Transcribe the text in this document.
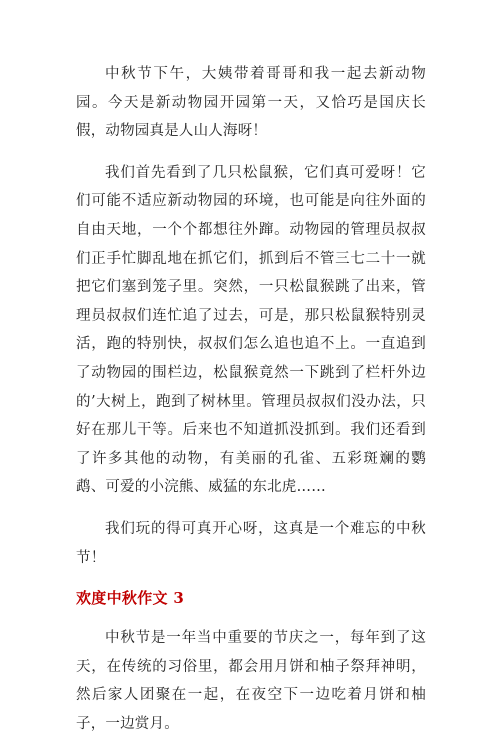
中秋节下午，大姨带着哥哥和我一起去新动物园。今天是新动物园开园第一天，又恰巧是国庆长假，动物园真是人山人海呀！

我们首先看到了几只松鼠猴，它们真可爱呀！它们可能不适应新动物园的环境，也可能是向往外面的自由天地，一个个都想往外蹿。动物园的管理员叔叔们正手忙脚乱地在抓它们，抓到后不管三七二十一就把它们塞到笼子里。突然，一只松鼠猴跳了出来，管理员叔叔们连忙追了过去，可是，那只松鼠猴特别灵活，跑的特别快，叔叔们怎么追也追不上。一直追到了动物园的围栏边，松鼠猴竟然一下跳到了栏杆外边的’大树上，跑到了树林里。管理员叔叔们没办法，只好在那儿干等。后来也不知道抓没抓到。我们还看到了许多其他的动物，有美丽的孔雀、五彩斑斓的鹦鹉、可爱的小浣熊、威猛的东北虎……

我们玩的得可真开心呀，这真是一个难忘的中秋节！

欢度中秋作文 3

中秋节是一年当中重要的节庆之一，每年到了这天，在传统的习俗里，都会用月饼和柚子祭拜神明，然后家人团聚在一起，在夜空下一边吃着月饼和柚子，一边赏月。
